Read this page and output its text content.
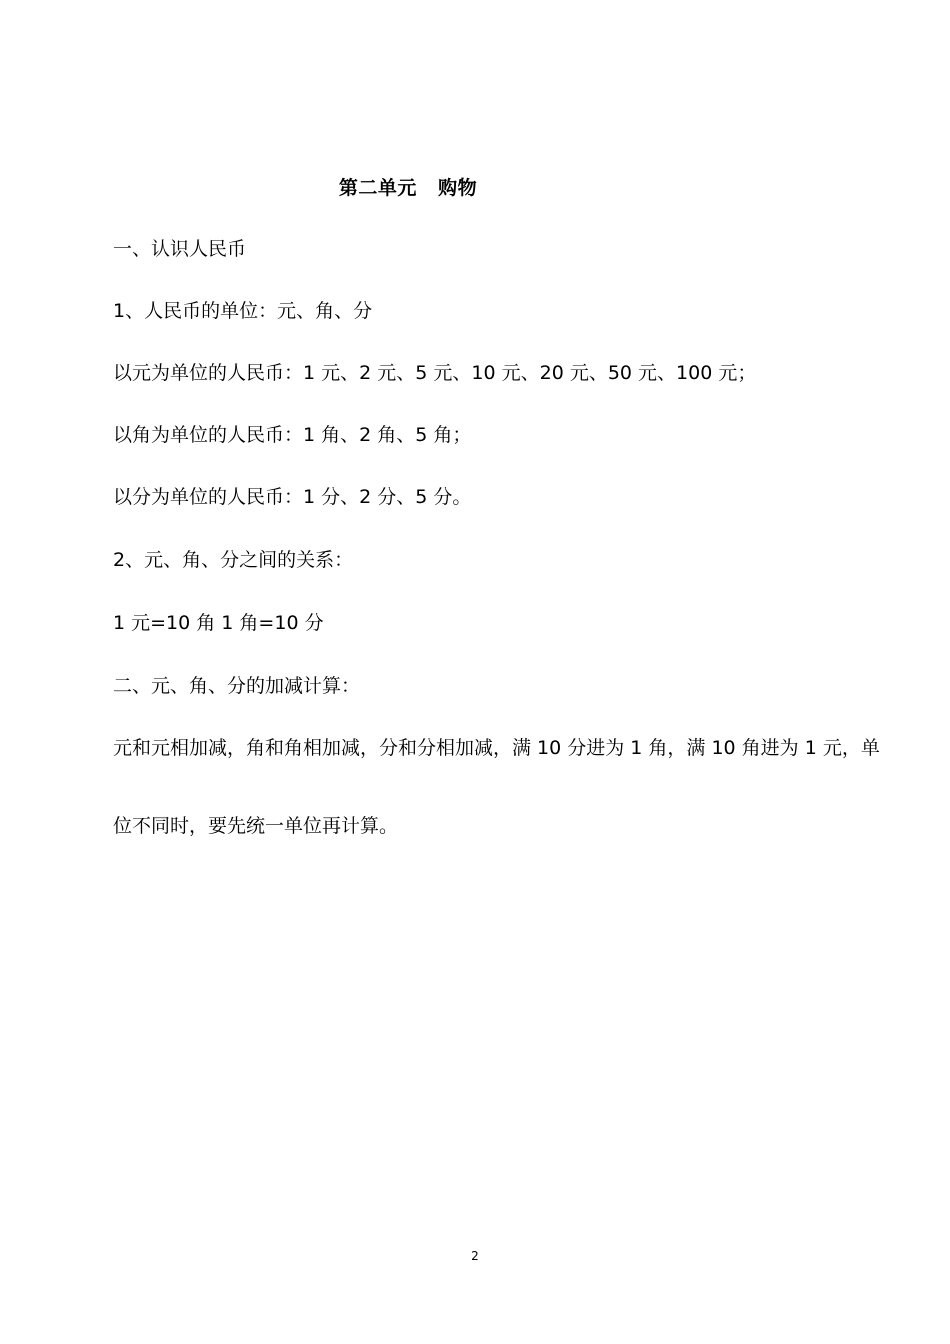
第二单元   购物
一、认识人民币
1、人民币的单位：元、角、分
以元为单位的人民币：1 元、2 元、5 元、10 元、20 元、50 元、100 元；
以角为单位的人民币：1 角、2 角、5 角；
以分为单位的人民币：1 分、2 分、5 分。
2、元、角、分之间的关系：
1 元=10 角 1 角=10 分
二、元、角、分的加减计算：
元和元相加减，角和角相加减，分和分相加减，满 10 分进为 1 角，满 10 角进为 1 元，单
位不同时，要先统一单位再计算。
2
